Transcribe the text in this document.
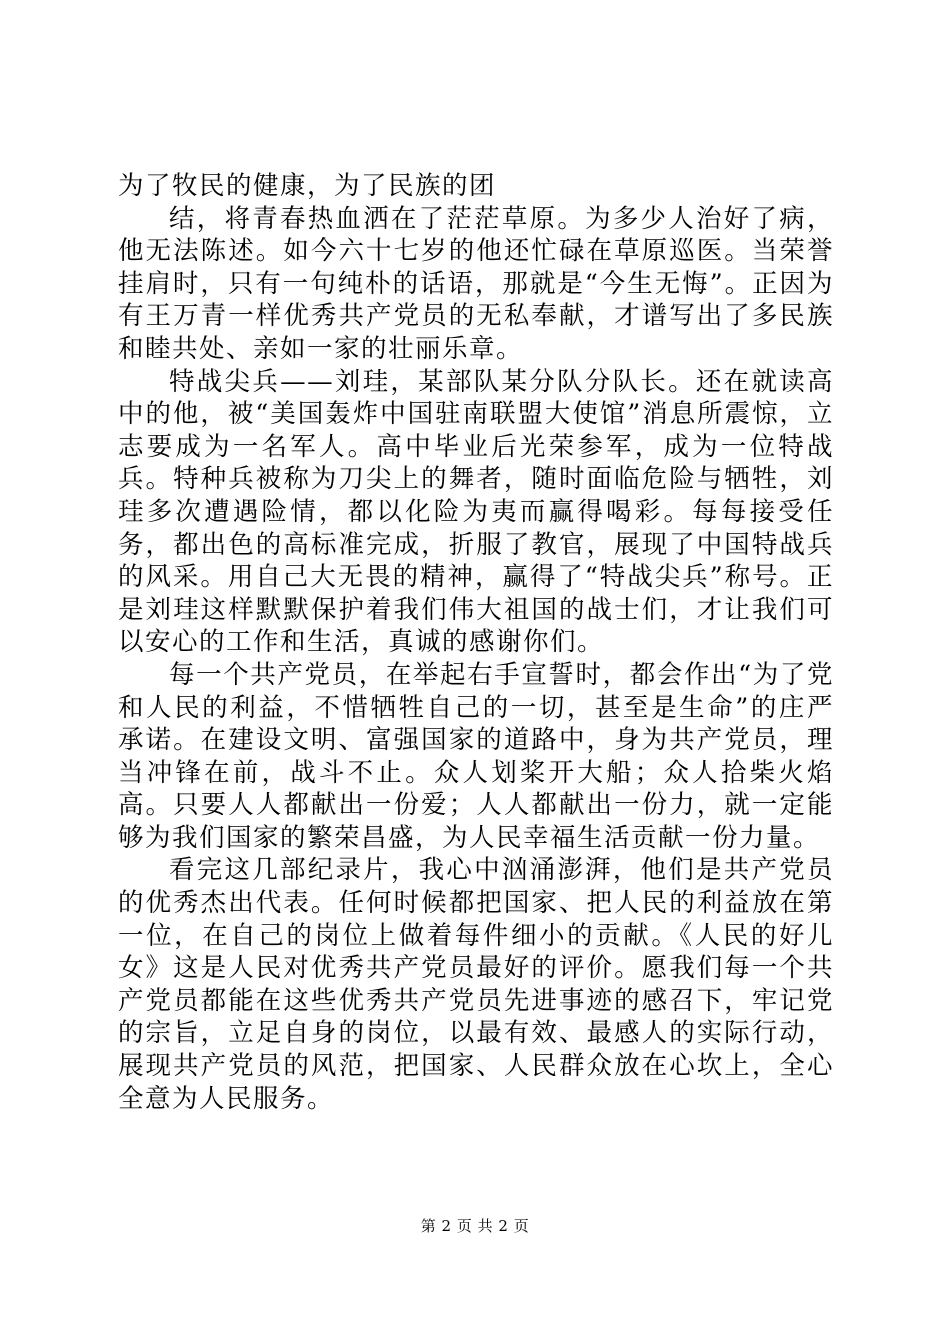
为了牧民的健康，为了民族的团

结，将青春热血洒在了茫茫草原。为多少人治好了病，他无法陈述。如今六十七岁的他还忙碌在草原巡医。当荣誉挂肩时，只有一句纯朴的话语，那就是“今生无悔”。正因为有王万青一样优秀共产党员的无私奉献，才谱写出了多民族和睦共处、亲如一家的壮丽乐章。

特战尖兵——刘珪，某部队某分队分队长。还在就读高中的他，被“美国轰炸中国驻南联盟大使馆”消息所震惊，立志要成为一名军人。高中毕业后光荣参军，成为一位特战兵。特种兵被称为刀尖上的舞者，随时面临危险与牺牲，刘珪多次遭遇险情，都以化险为夷而赢得喝彩。每每接受任务，都出色的高标准完成，折服了教官，展现了中国特战兵的风采。用自己大无畏的精神，赢得了“特战尖兵”称号。正是刘珪这样默默保护着我们伟大祖国的战士们，才让我们可以安心的工作和生活，真诚的感谢你们。

每一个共产党员，在举起右手宣誓时，都会作出“为了党和人民的利益，不惜牺牲自己的一切，甚至是生命”的庄严承诺。在建设文明、富强国家的道路中，身为共产党员，理当冲锋在前，战斗不止。众人划桨开大船；众人拾柴火焰高。只要人人都献出一份爱；人人都献出一份力，就一定能够为我们国家的繁荣昌盛，为人民幸福生活贡献一份力量。

看完这几部纪录片，我心中汹涌澎湃，他们是共产党员的优秀杰出代表。任何时候都把国家、把人民的利益放在第一位，在自己的岗位上做着每件细小的贡献。《人民的好儿女》这是人民对优秀共产党员最好的评价。愿我们每一个共产党员都能在这些优秀共产党员先进事迹的感召下，牢记党的宗旨，立足自身的岗位，以最有效、最感人的实际行动，展现共产党员的风范，把国家、人民群众放在心坎上，全心全意为人民服务。

第 2 页 共 2 页
